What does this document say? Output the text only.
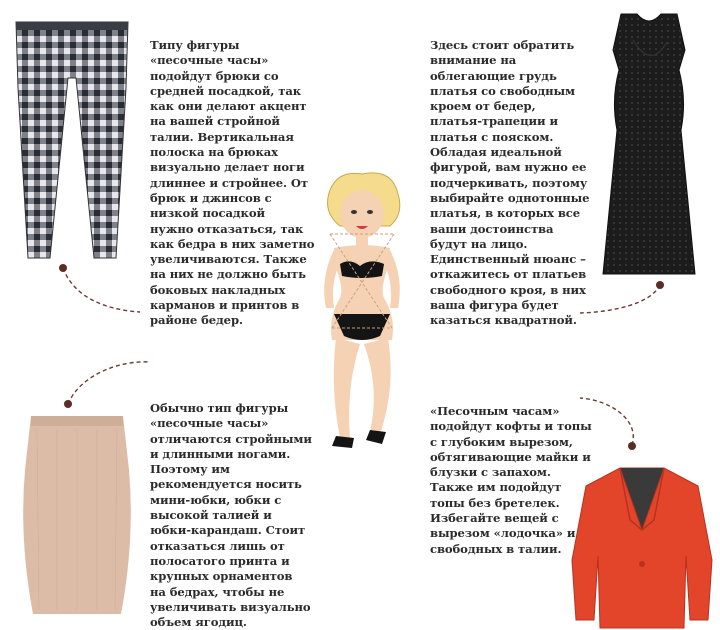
Типу фигуры
«песочные часы»
подойдут брюки со
средней посадкой, так
как они делают акцент
на вашей стройной
талии. Вертикальная
полоска на брюках
визуально делает ноги
длиннее и стройнее. От
брюк и джинсов с
низкой посадкой
нужно отказаться, так
как бедра в них заметно
увеличиваются. Также
на них не должно быть
боковых накладных
карманов и принтов в
районе бедер.
Здесь стоит обратить
внимание на
облегающие грудь
платья со свободным
кроем от бедер,
платья-трапеции и
платья с пояском.
Обладая идеальной
фигурой, вам нужно ее
подчеркивать, поэтому
выбирайте однотонные
платья, в которых все
ваши достоинства
будут на лицо.
Единственный нюанс –
откажитесь от платьев
свободного кроя, в них
ваша фигура будет
казаться квадратной.
Обычно тип фигуры
«песочные часы»
отличаются стройными
и длинными ногами.
Поэтому им
рекомендуется носить
мини-юбки, юбки с
высокой талией и
юбки-карандаш. Стоит
отказаться лишь от
полосатого принта и
крупных орнаментов
на бедрах, чтобы не
увеличивать визуально
объем ягодиц.
«Песочным часам»
подойдут кофты и топы
с глубоким вырезом,
обтягивающие майки и
блузки с запахом.
Также им подойдут
топы без бретелек.
Избегайте вещей с
вырезом «лодочка» и
свободных в талии.
